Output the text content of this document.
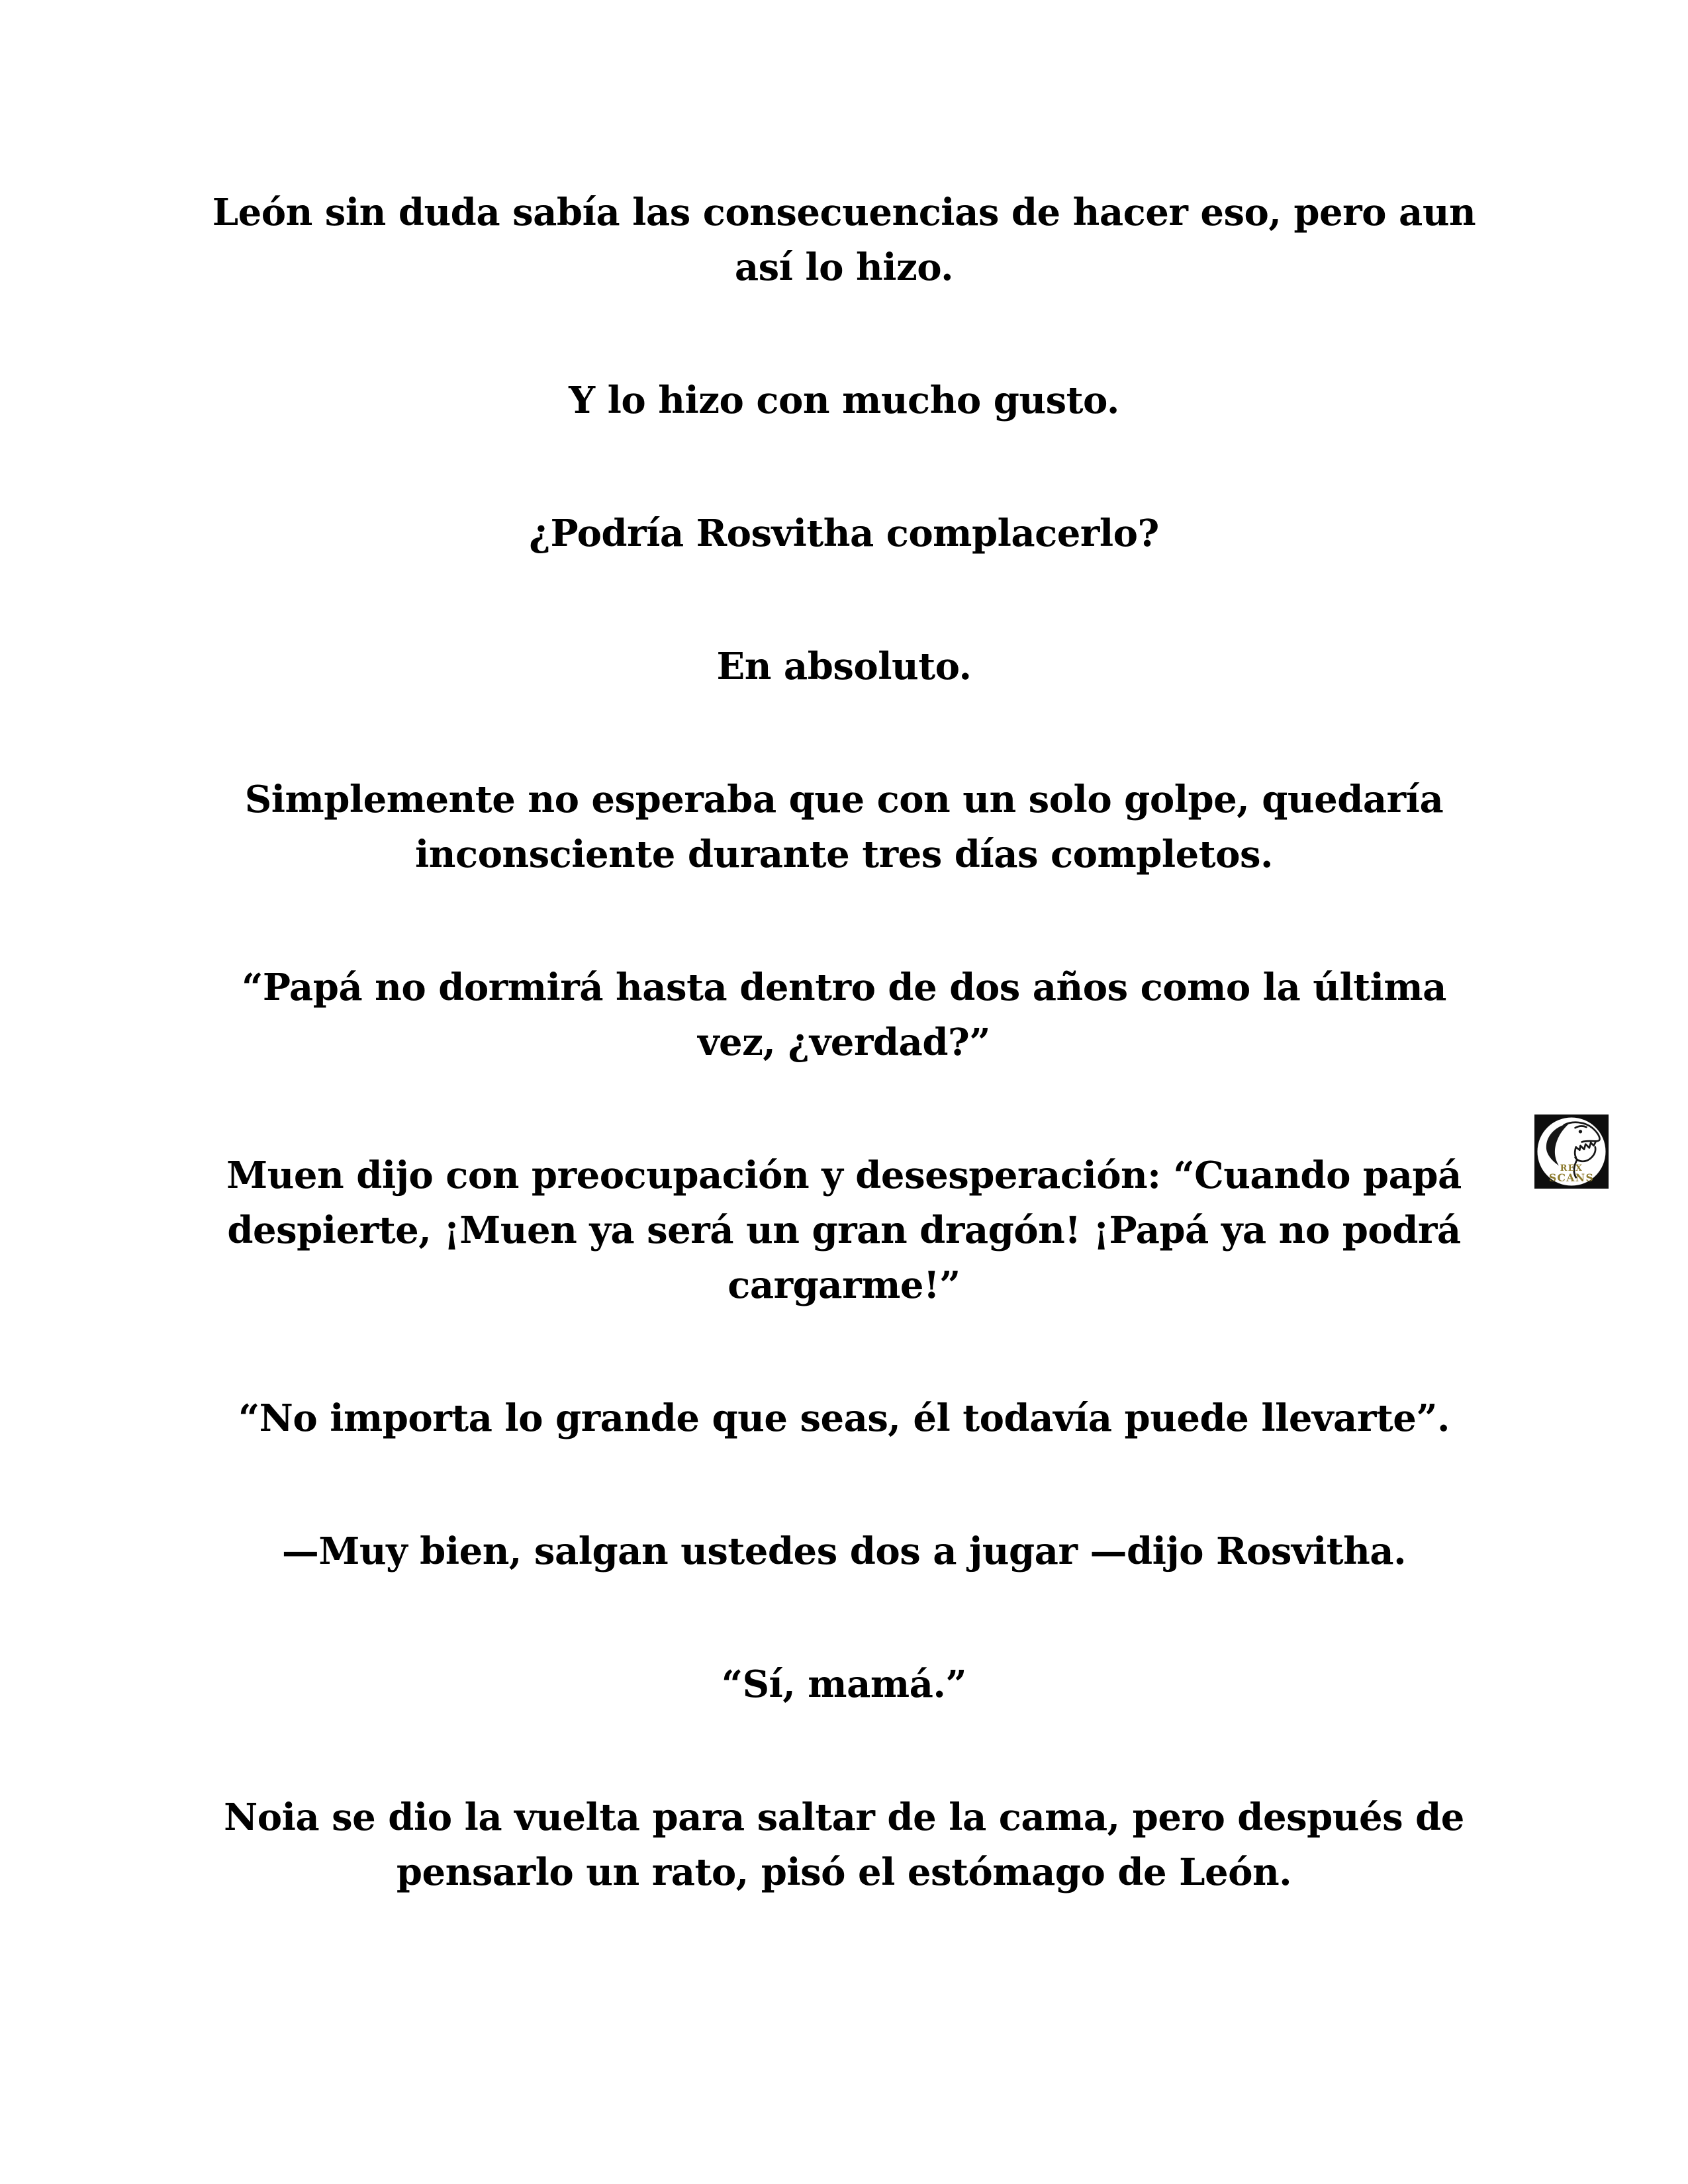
León sin duda sabía las consecuencias de hacer eso, pero aun
así lo hizo.
Y lo hizo con mucho gusto.
¿Podría Rosvitha complacerlo?
En absoluto.
Simplemente no esperaba que con un solo golpe, quedaría
inconsciente durante tres días completos.
“Papá no dormirá hasta dentro de dos años como la última
vez, ¿verdad?”
Muen dijo con preocupación y desesperación: “Cuando papá
despierte, ¡Muen ya será un gran dragón! ¡Papá ya no podrá
cargarme!”
“No importa lo grande que seas, él todavía puede llevarte”.
—Muy bien, salgan ustedes dos a jugar —dijo Rosvitha.
“Sí, mamá.”
Noia se dio la vuelta para saltar de la cama, pero después de
pensarlo un rato, pisó el estómago de León.
REX
SCANS
